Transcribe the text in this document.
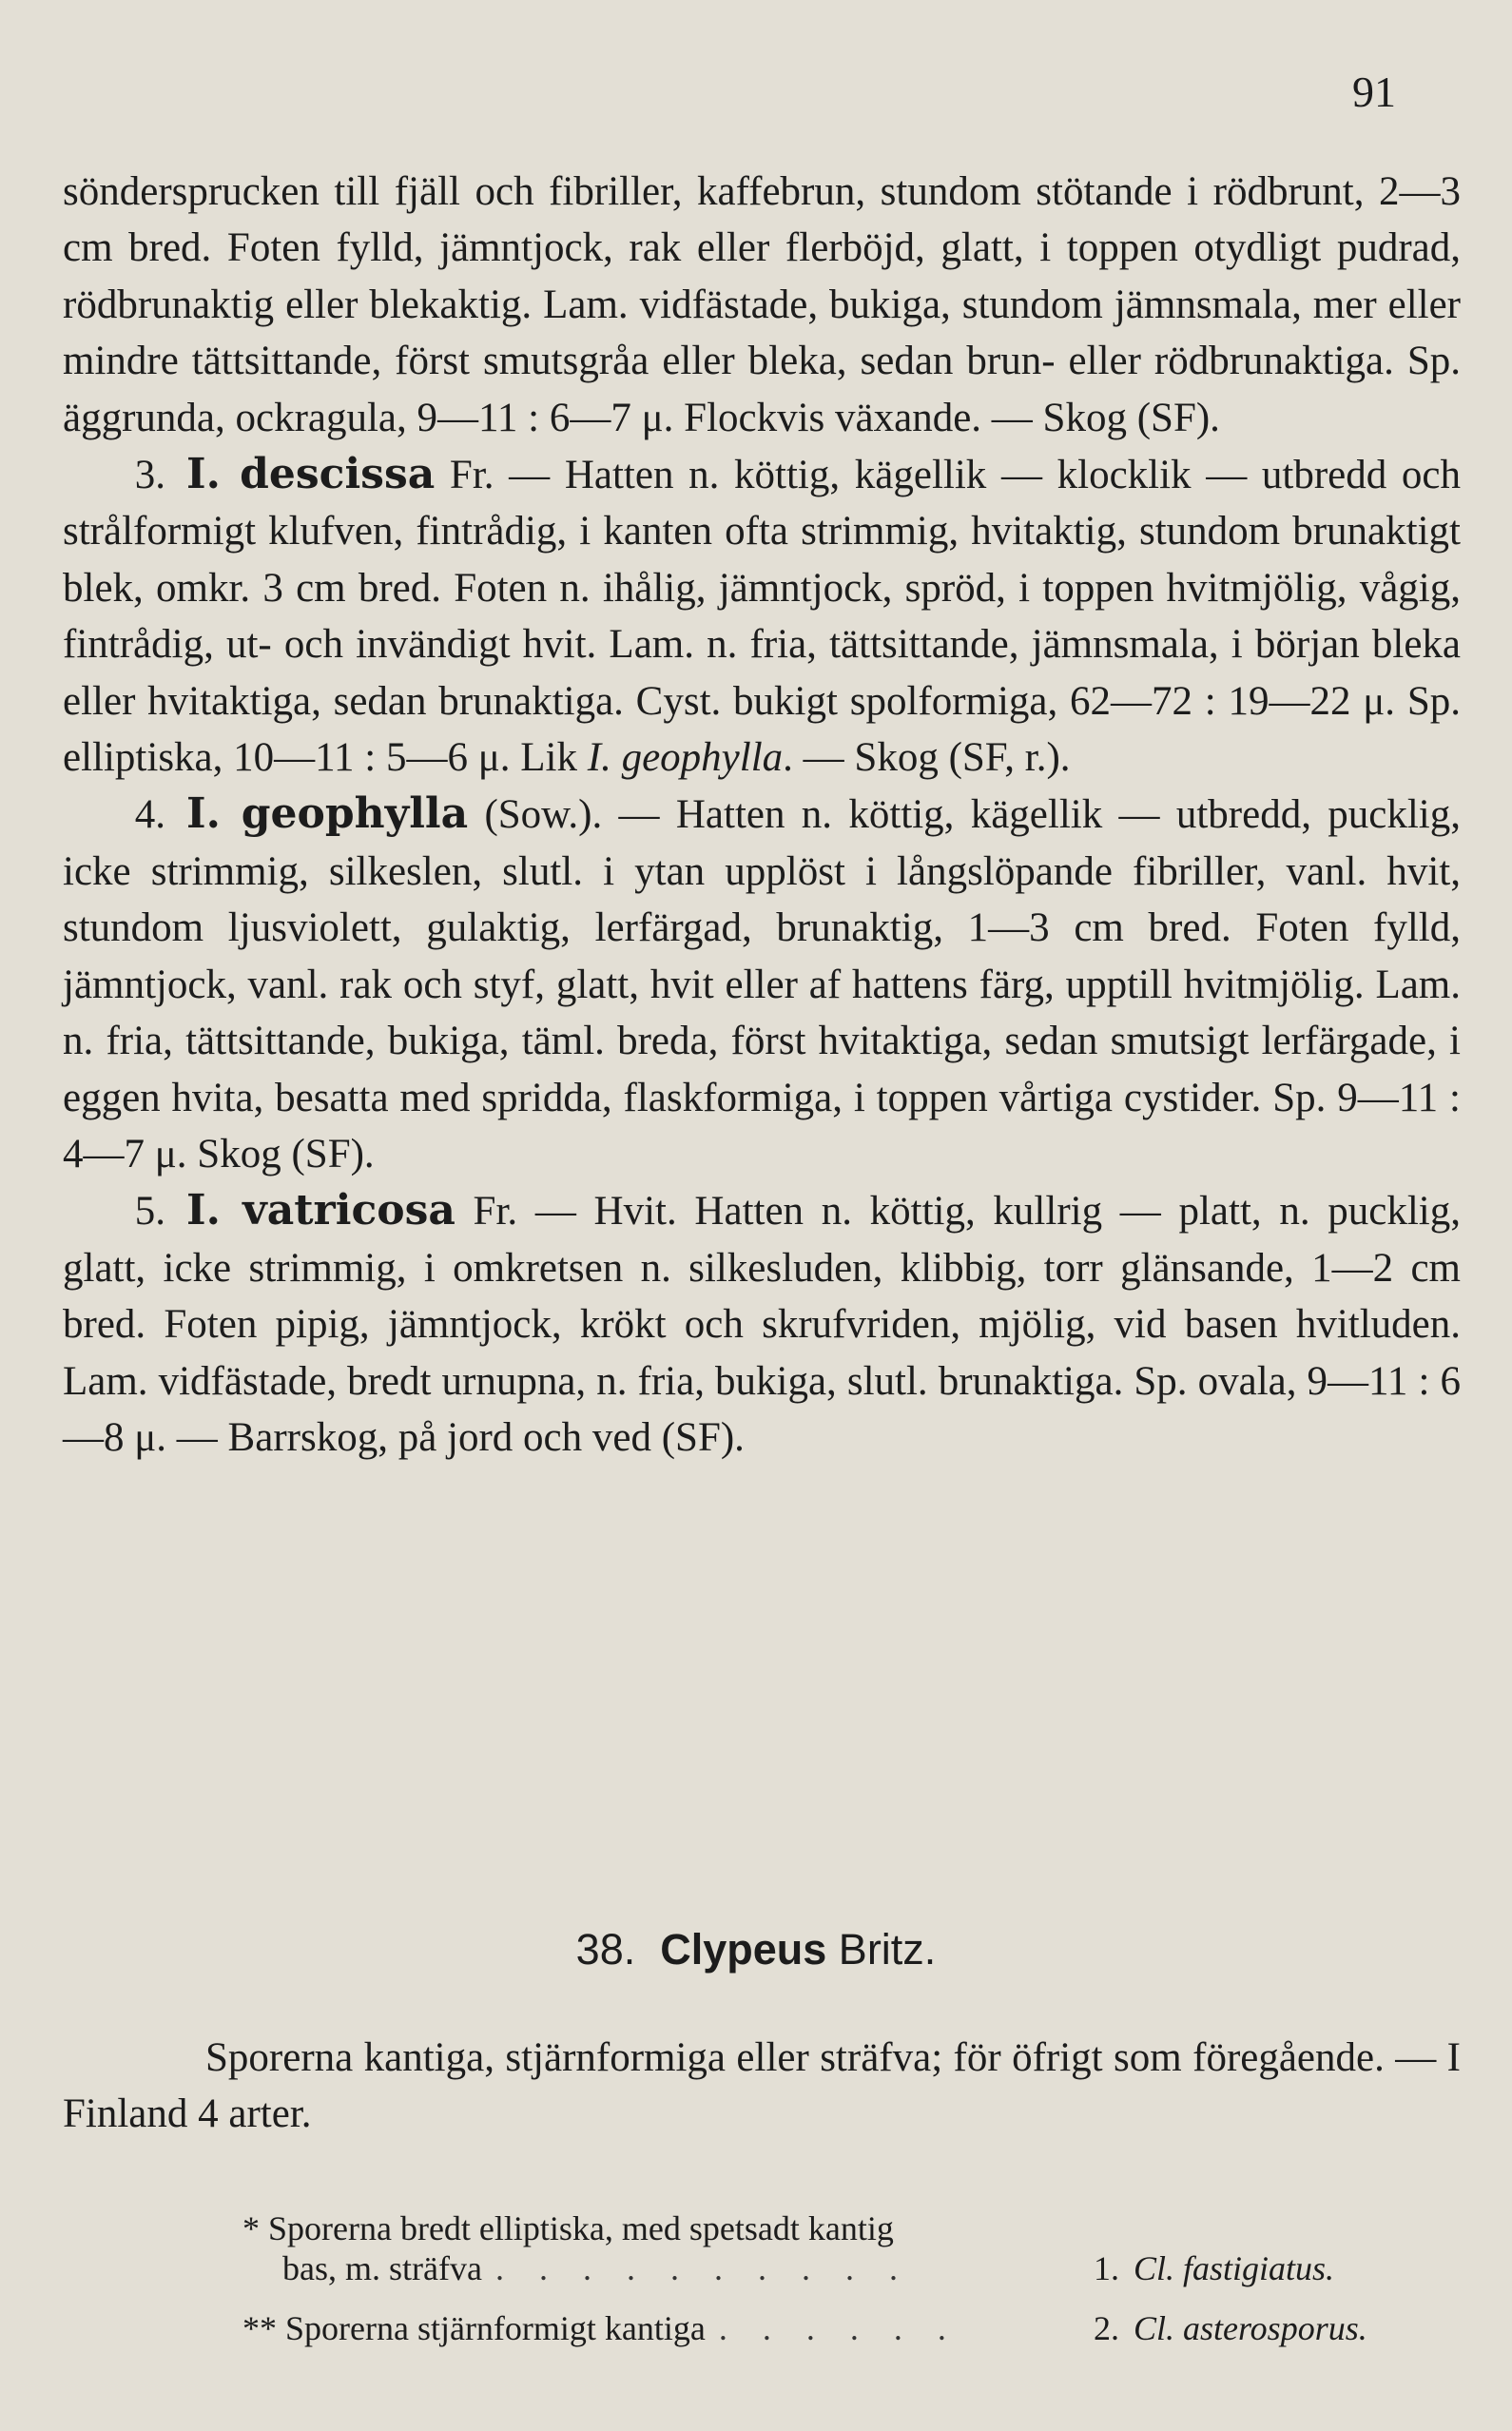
91

söndersprucken till fjäll och fibriller, kaffebrun, stundom stötande i rödbrunt, 2—3 cm bred. Foten fylld, jämntjock, rak eller flerböjd, glatt, i toppen otydligt pudrad, rödbrunaktig eller blekaktig. Lam. vidfästade, bukiga, stundom jämnsmala, mer eller mindre tättsittande, först smutsgråa eller bleka, sedan brun- eller rödbrunaktiga. Sp. äggrunda, ockragula, 9—11 : 6—7 μ. Flockvis växande. — Skog (SF).

3. I. descissa Fr. — Hatten n. köttig, kägellik — klocklik — utbredd och strålformigt klufven, fintrådig, i kanten ofta strimmig, hvitaktig, stundom brunaktigt blek, omkr. 3 cm bred. Foten n. ihålig, jämntjock, spröd, i toppen hvitmjölig, vågig, fintrådig, ut- och invändigt hvit. Lam. n. fria, tättsittande, jämnsmala, i början bleka eller hvitaktiga, sedan brunaktiga. Cyst. bukigt spolformiga, 62—72 : 19—22 μ. Sp. elliptiska, 10—11 : 5—6 μ. Lik I. geophylla. — Skog (SF, r.).

4. I. geophylla (Sow.). — Hatten n. köttig, kägellik — utbredd, pucklig, icke strimmig, silkeslen, slutl. i ytan upplöst i långslöpande fibriller, vanl. hvit, stundom ljusviolett, gulaktig, lerfärgad, brunaktig, 1—3 cm bred. Foten fylld, jämntjock, vanl. rak och styf, glatt, hvit eller af hattens färg, upptill hvitmjölig. Lam. n. fria, tättsittande, bukiga, täml. breda, först hvitaktiga, sedan smutsigt lerfärgade, i eggen hvita, besatta med spridda, flaskformiga, i toppen vårtiga cystider. Sp. 9—11 : 4—7 μ. Skog (SF).

5. I. vatricosa Fr. — Hvit. Hatten n. köttig, kullrig — platt, n. pucklig, glatt, icke strimmig, i omkretsen n. silkesluden, klibbig, torr glänsande, 1—2 cm bred. Foten pipig, jämntjock, krökt och skrufvriden, mjölig, vid basen hvitluden. Lam. vidfästade, bredt urnupna, n. fria, bukiga, slutl. brunaktiga. Sp. ovala, 9—11 : 6—8 μ. — Barrskog, på jord och ved (SF).

38. Clypeus Britz.

Sporerna kantiga, stjärnformiga eller sträfva; för öfrigt som föregående. — I Finland 4 arter.

* Sporerna bredt elliptiska, med spetsadt kantig
bas, m. sträfva . . . . . . . . . .	1. Cl. fastigiatus.
** Sporerna stjärnformigt kantiga . . . . . .	2. Cl. asterosporus.
